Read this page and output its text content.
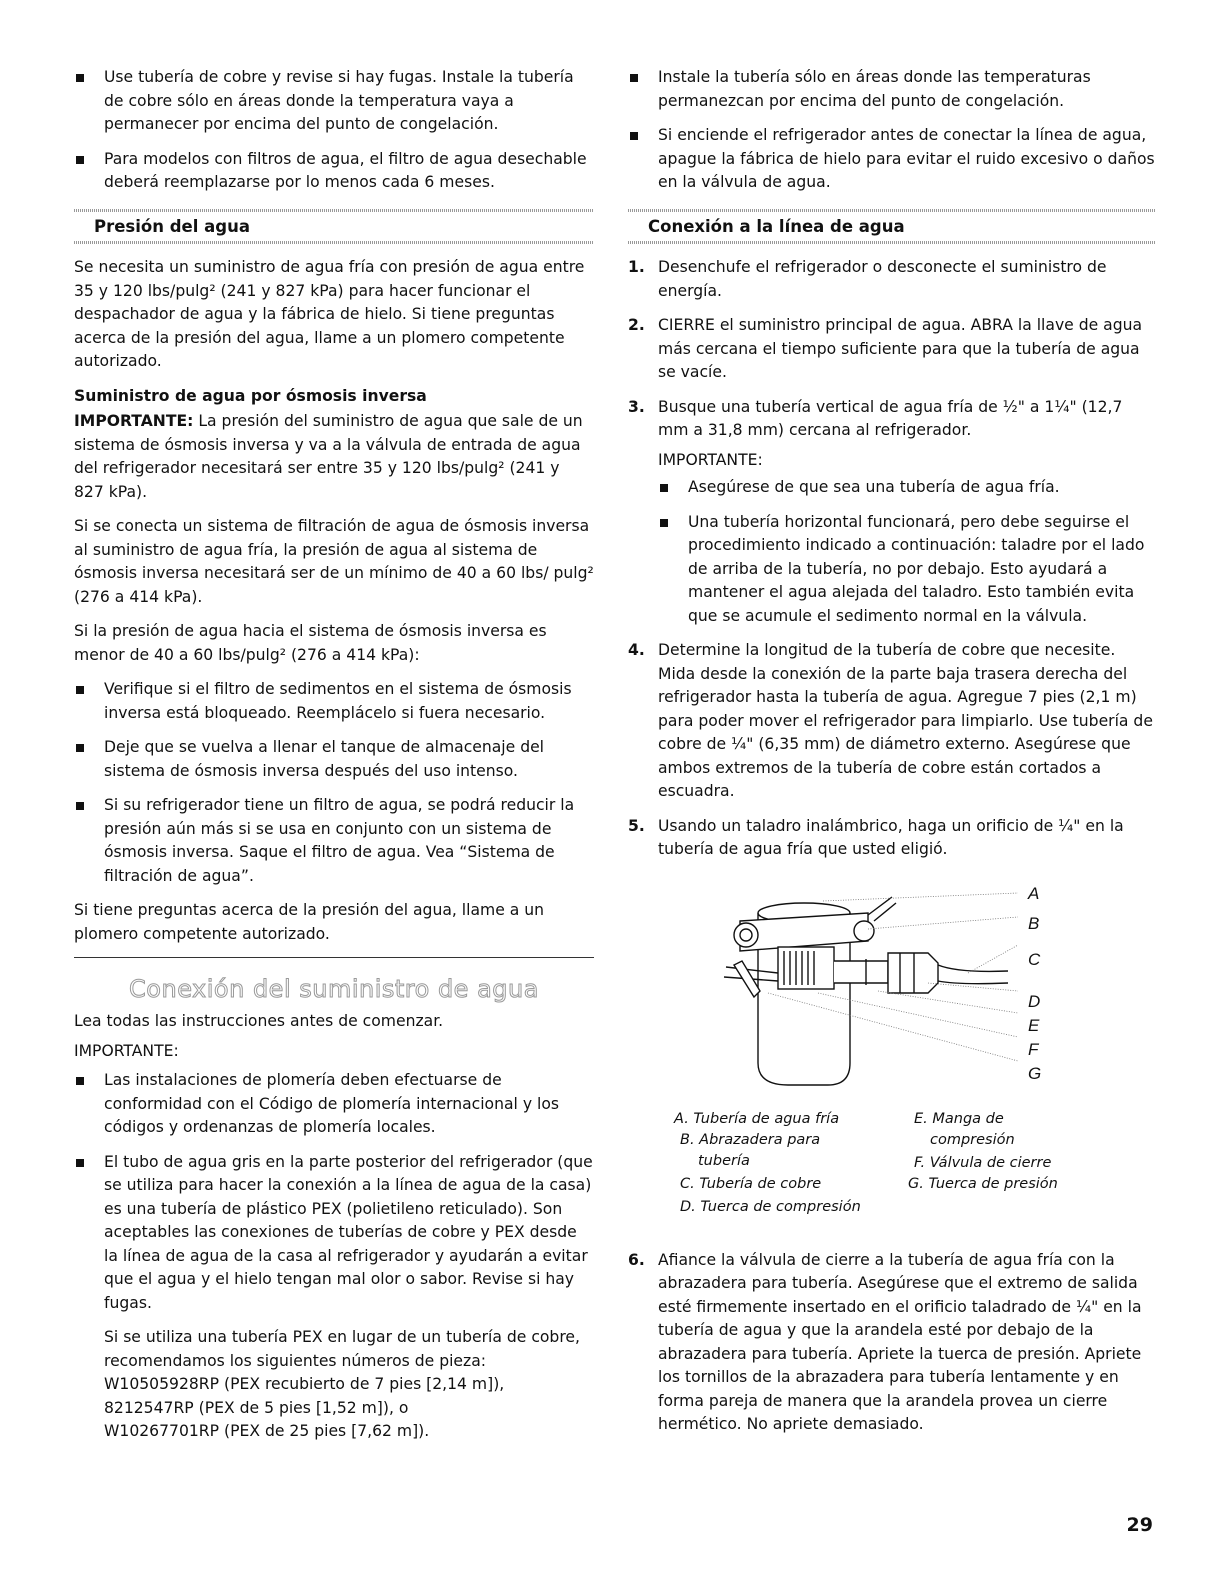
Use tubería de cobre y revise si hay fugas. Instale la tubería de cobre sólo en áreas donde la temperatura vaya a permanecer por encima del punto de congelación.
Para modelos con filtros de agua, el filtro de agua desechable deberá reemplazarse por lo menos cada 6 meses.
Presión del agua

Se necesita un suministro de agua fría con presión de agua entre 35 y 120 lbs/pulg² (241 y 827 kPa) para hacer funcionar el despachador de agua y la fábrica de hielo. Si tiene preguntas acerca de la presión del agua, llame a un plomero competente autorizado.

Suministro de agua por ósmosis inversa

IMPORTANTE: La presión del suministro de agua que sale de un sistema de ósmosis inversa y va a la válvula de entrada de agua del refrigerador necesitará ser entre 35 y 120 lbs/pulg² (241 y 827 kPa).

Si se conecta un sistema de filtración de agua de ósmosis inversa al suministro de agua fría, la presión de agua al sistema de ósmosis inversa necesitará ser de un mínimo de 40 a 60 lbs/ pulg² (276 a 414 kPa).

Si la presión de agua hacia el sistema de ósmosis inversa es menor de 40 a 60 lbs/pulg² (276 a 414 kPa):

Verifique si el filtro de sedimentos en el sistema de ósmosis inversa está bloqueado. Reemplácelo si fuera necesario.
Deje que se vuelva a llenar el tanque de almacenaje del sistema de ósmosis inversa después del uso intenso.
Si su refrigerador tiene un filtro de agua, se podrá reducir la presión aún más si se usa en conjunto con un sistema de ósmosis inversa. Saque el filtro de agua. Vea “Sistema de filtración de agua”.

Si tiene preguntas acerca de la presión del agua, llame a un plomero competente autorizado.

Conexión del suministro de agua

Lea todas las instrucciones antes de comenzar.

IMPORTANTE:

Las instalaciones de plomería deben efectuarse de conformidad con el Código de plomería internacional y los códigos y ordenanzas de plomería locales.
El tubo de agua gris en la parte posterior del refrigerador (que se utiliza para hacer la conexión a la línea de agua de la casa) es una tubería de plástico PEX (polietileno reticulado). Son aceptables las conexiones de tuberías de cobre y PEX desde la línea de agua de la casa al refrigerador y ayudarán a evitar que el agua y el hielo tengan mal olor o sabor. Revise si hay fugas.
Si se utiliza una tubería PEX en lugar de un tubería de cobre, recomendamos los siguientes números de pieza:
W10505928RP (PEX recubierto de 7 pies [2,14 m]),
8212547RP (PEX de 5 pies [1,52 m]), o
W10267701RP (PEX de 25 pies [7,62 m]).
Instale la tubería sólo en áreas donde las temperaturas permanezcan por encima del punto de congelación.
Si enciende el refrigerador antes de conectar la línea de agua, apague la fábrica de hielo para evitar el ruido excesivo o daños en la válvula de agua.
Conexión a la línea de agua
1. Desenchufe el refrigerador o desconecte el suministro de energía.
2. CIERRE el suministro principal de agua. ABRA la llave de agua más cercana el tiempo suficiente para que la tubería de agua se vacíe.
3. Busque una tubería vertical de agua fría de ½" a 1¼" (12,7 mm a 31,8 mm) cercana al refrigerador.
IMPORTANTE:
Asegúrese de que sea una tubería de agua fría.
Una tubería horizontal funcionará, pero debe seguirse el procedimiento indicado a continuación: taladre por el lado de arriba de la tubería, no por debajo. Esto ayudará a mantener el agua alejada del taladro. Esto también evita que se acumule el sedimento normal en la válvula.
4. Determine la longitud de la tubería de cobre que necesite. Mida desde la conexión de la parte baja trasera derecha del refrigerador hasta la tubería de agua. Agregue 7 pies (2,1 m) para poder mover el refrigerador para limpiarlo. Use tubería de cobre de ¼" (6,35 mm) de diámetro externo. Asegúrese que ambos extremos de la tubería de cobre están cortados a escuadra.
5. Usando un taladro inalámbrico, haga un orificio de ¼" en la tubería de agua fría que usted eligió.
A
B
C
D
E
F
G
A. Tubería de agua fría
B. Abrazadera para
tubería
C. Tubería de cobre
D. Tuerca de compresión
E. Manga de
compresión
F. Válvula de cierre
G. Tuerca de presión
6. Afiance la válvula de cierre a la tubería de agua fría con la abrazadera para tubería. Asegúrese que el extremo de salida esté firmemente insertado en el orificio taladrado de ¼" en la tubería de agua y que la arandela esté por debajo de la abrazadera para tubería. Apriete la tuerca de presión. Apriete los tornillos de la abrazadera para tubería lentamente y en forma pareja de manera que la arandela provea un cierre hermético. No apriete demasiado.
29
